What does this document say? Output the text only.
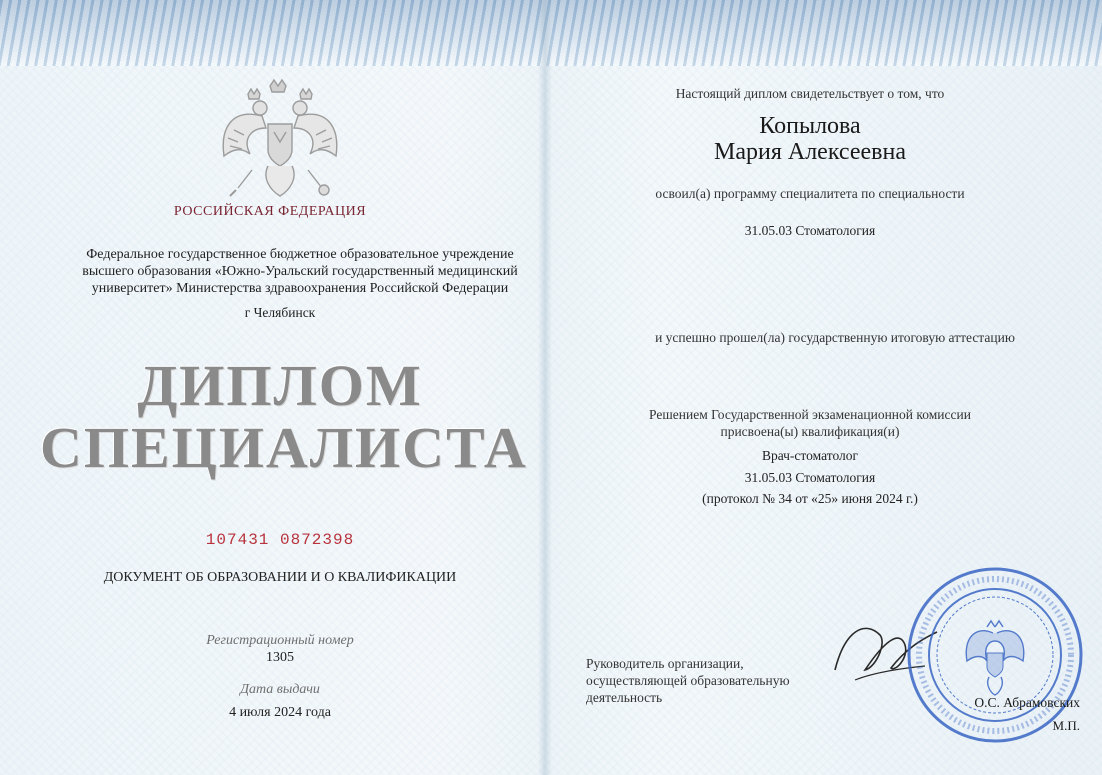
РОССИЙСКАЯ ФЕДЕРАЦИЯ
Федеральное государственное бюджетное образовательное учреждение
высшего образования «Южно-Уральский государственный медицинский
университет» Министерства здравоохранения Российской Федерации
г Челябинск
ДИПЛОМ
СПЕЦИАЛИСТА
107431 0872398
ДОКУМЕНТ ОБ ОБРАЗОВАНИИ И О КВАЛИФИКАЦИИ
Регистрационный номер
1305
Дата выдачи
4 июля 2024 года
Настоящий диплом свидетельствует о том, что
Копылова
Мария Алексеевна
освоил(а) программу специалитета по специальности
31.05.03 Стоматология
и успешно прошел(ла) государственную итоговую аттестацию
Решением Государственной экзаменационной комиссии
присвоена(ы) квалификация(и)
Врач-стоматолог
31.05.03 Стоматология
(протокол № 34 от «25» июня 2024 г.)
Руководитель организации,
осуществляющей образовательную
деятельность	О.С. Абрамовских
М.П.
